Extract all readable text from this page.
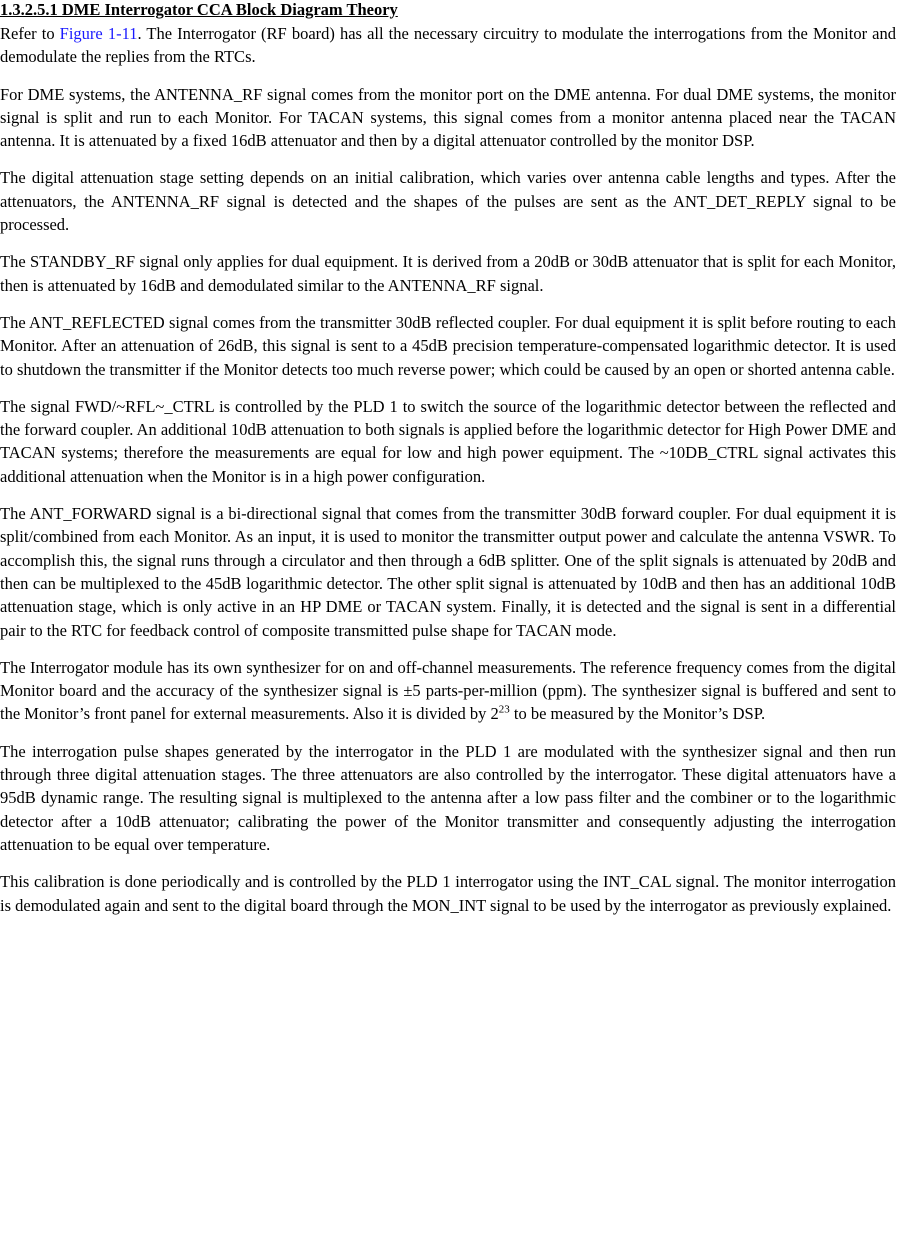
1.3.2.5.1 DME Interrogator CCA Block Diagram Theory

Refer to Figure 1-11. The Interrogator (RF board) has all the necessary circuitry to modulate the interrogations from the Monitor and demodulate the replies from the RTCs.

For DME systems, the ANTENNA_RF signal comes from the monitor port on the DME antenna. For dual DME systems, the monitor signal is split and run to each Monitor. For TACAN systems, this signal comes from a monitor antenna placed near the TACAN antenna. It is attenuated by a fixed 16dB attenuator and then by a digital attenuator controlled by the monitor DSP.

The digital attenuation stage setting depends on an initial calibration, which varies over antenna cable lengths and types. After the attenuators, the ANTENNA_RF signal is detected and the shapes of the pulses are sent as the ANT_DET_REPLY signal to be processed.

The STANDBY_RF signal only applies for dual equipment. It is derived from a 20dB or 30dB attenuator that is split for each Monitor, then is attenuated by 16dB and demodulated similar to the ANTENNA_RF signal.

The ANT_REFLECTED signal comes from the transmitter 30dB reflected coupler. For dual equipment it is split before routing to each Monitor. After an attenuation of 26dB, this signal is sent to a 45dB precision temperature-compensated logarithmic detector. It is used to shutdown the transmitter if the Monitor detects too much reverse power; which could be caused by an open or shorted antenna cable.

The signal FWD/~RFL~_CTRL is controlled by the PLD 1 to switch the source of the logarithmic detector between the reflected and the forward coupler. An additional 10dB attenuation to both signals is applied before the logarithmic detector for High Power DME and TACAN systems; therefore the measurements are equal for low and high power equipment. The ~10DB_CTRL signal activates this additional attenuation when the Monitor is in a high power configuration.

The ANT_FORWARD signal is a bi-directional signal that comes from the transmitter 30dB forward coupler. For dual equipment it is split/combined from each Monitor. As an input, it is used to monitor the transmitter output power and calculate the antenna VSWR. To accomplish this, the signal runs through a circulator and then through a 6dB splitter. One of the split signals is attenuated by 20dB and then can be multiplexed to the 45dB logarithmic detector. The other split signal is attenuated by 10dB and then has an additional 10dB attenuation stage, which is only active in an HP DME or TACAN system. Finally, it is detected and the signal is sent in a differential pair to the RTC for feedback control of composite transmitted pulse shape for TACAN mode.

The Interrogator module has its own synthesizer for on and off-channel measurements. The reference frequency comes from the digital Monitor board and the accuracy of the synthesizer signal is ±5 parts-per-million (ppm). The synthesizer signal is buffered and sent to the Monitor’s front panel for external measurements. Also it is divided by $2^{23}$ to be measured by the Monitor’s DSP.

The interrogation pulse shapes generated by the interrogator in the PLD 1 are modulated with the synthesizer signal and then run through three digital attenuation stages. The three attenuators are also controlled by the interrogator. These digital attenuators have a 95dB dynamic range. The resulting signal is multiplexed to the antenna after a low pass filter and the combiner or to the logarithmic detector after a 10dB attenuator; calibrating the power of the Monitor transmitter and consequently adjusting the interrogation attenuation to be equal over temperature.

This calibration is done periodically and is controlled by the PLD 1 interrogator using the INT_CAL signal. The monitor interrogation is demodulated again and sent to the digital board through the MON_INT signal to be used by the interrogator as previously explained.
